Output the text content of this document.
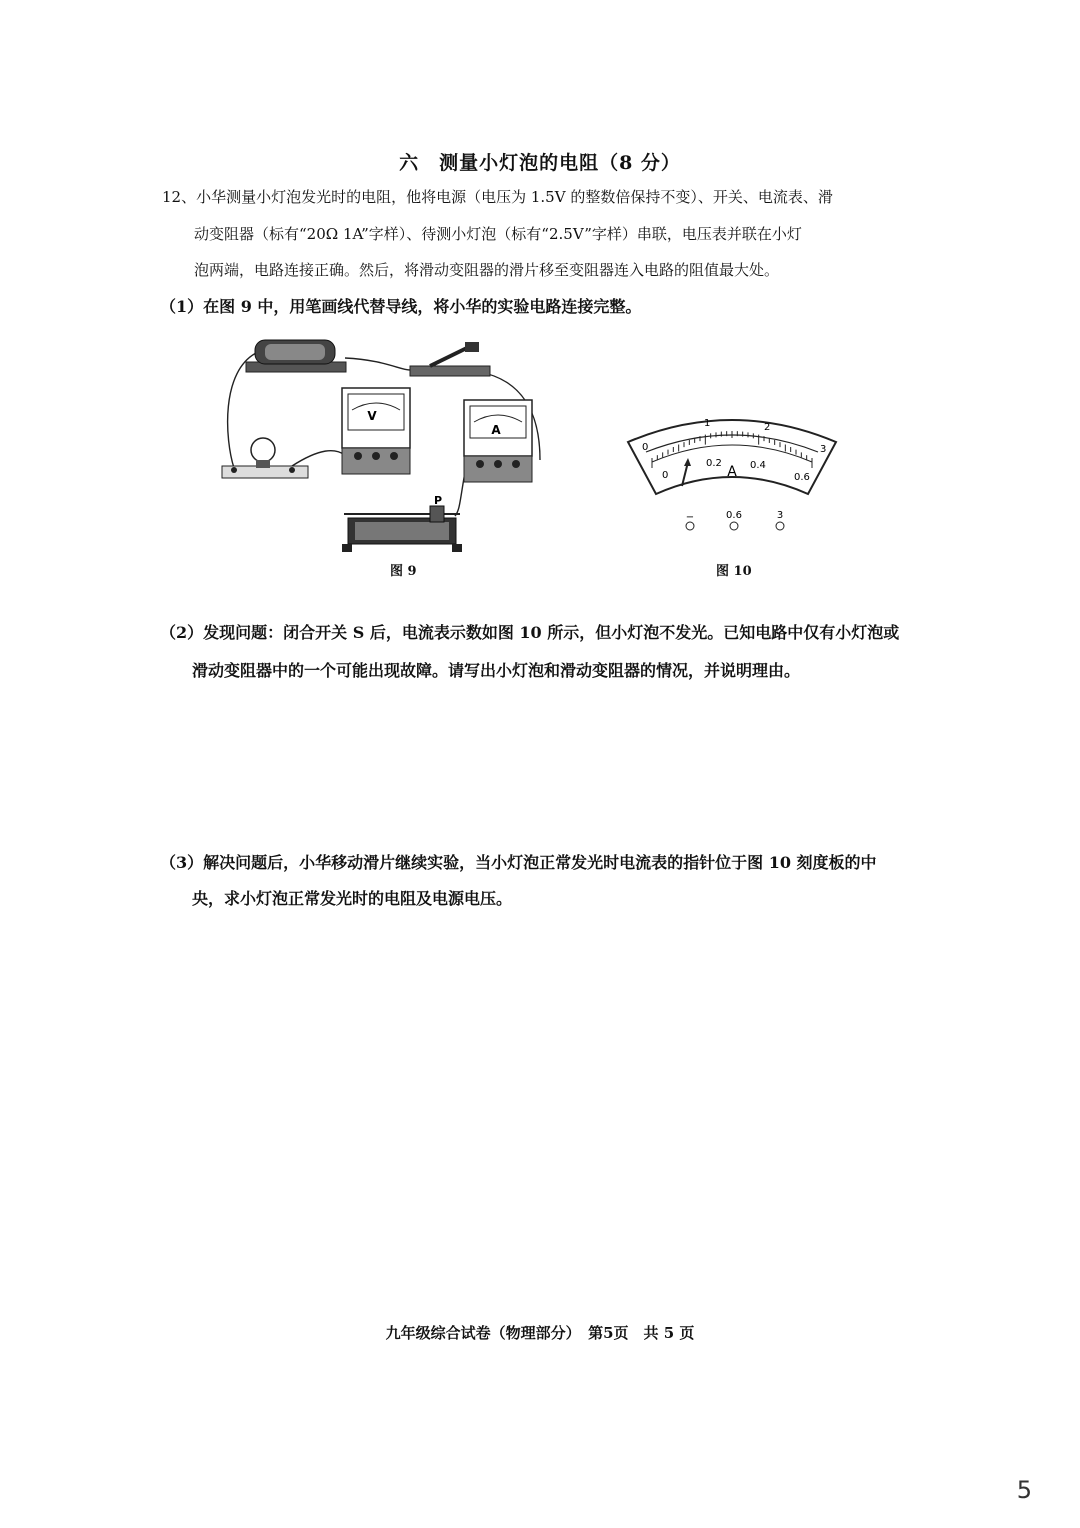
六　测量小灯泡的电阻（8 分）
12、小华测量小灯泡发光时的电阻，他将电源（电压为 1.5V 的整数倍保持不变）、开关、电流表、滑
动变阻器（标有“20Ω 1A”字样）、待测小灯泡（标有“2.5V”字样）串联，电压表并联在小灯
泡两端，电路连接正确。然后，将滑动变阻器的滑片移至变阻器连入电路的阻值最大处。
（1）在图 9 中，用笔画线代替导线，将小华的实验电路连接完整。
V
A
P
图 9
0
1	2
3
0
0.2	0.4
0.6
A
−	0.6	3
图 10
（2）发现问题：闭合开关 S 后，电流表示数如图 10 所示，但小灯泡不发光。已知电路中仅有小灯泡或
滑动变阻器中的一个可能出现故障。请写出小灯泡和滑动变阻器的情况，并说明理由。
（3）解决问题后，小华移动滑片继续实验，当小灯泡正常发光时电流表的指针位于图 10 刻度板的中
央，求小灯泡正常发光时的电阻及电源电压。
九年级综合试卷（物理部分）　第5页　共 5 页
5
